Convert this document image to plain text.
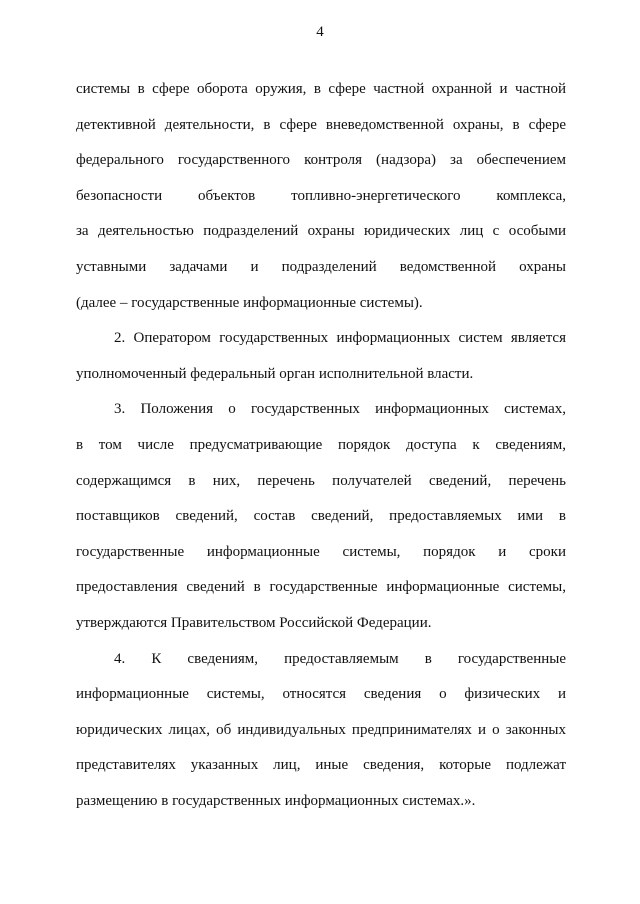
4
системы в сфере оборота оружия, в сфере частной охранной и частной
детективной деятельности, в сфере вневедомственной охраны, в сфере
федерального государственного контроля (надзора) за обеспечением
безопасности объектов топливно-энергетического комплекса,
за деятельностью подразделений охраны юридических лиц с особыми
уставными задачами и подразделений ведомственной охраны
(далее – государственные информационные системы).
2. Оператором государственных информационных систем является
уполномоченный федеральный орган исполнительной власти.
3. Положения о государственных информационных системах,
в том числе предусматривающие порядок доступа к сведениям,
содержащимся в них, перечень получателей сведений, перечень
поставщиков сведений, состав сведений, предоставляемых ими в
государственные информационные системы, порядок и сроки
предоставления сведений в государственные информационные системы,
утверждаются Правительством Российской Федерации.
4. К сведениям, предоставляемым в государственные
информационные системы, относятся сведения о физических и
юридических лицах, об индивидуальных предпринимателях и о законных
представителях указанных лиц, иные сведения, которые подлежат
размещению в государственных информационных системах.».
